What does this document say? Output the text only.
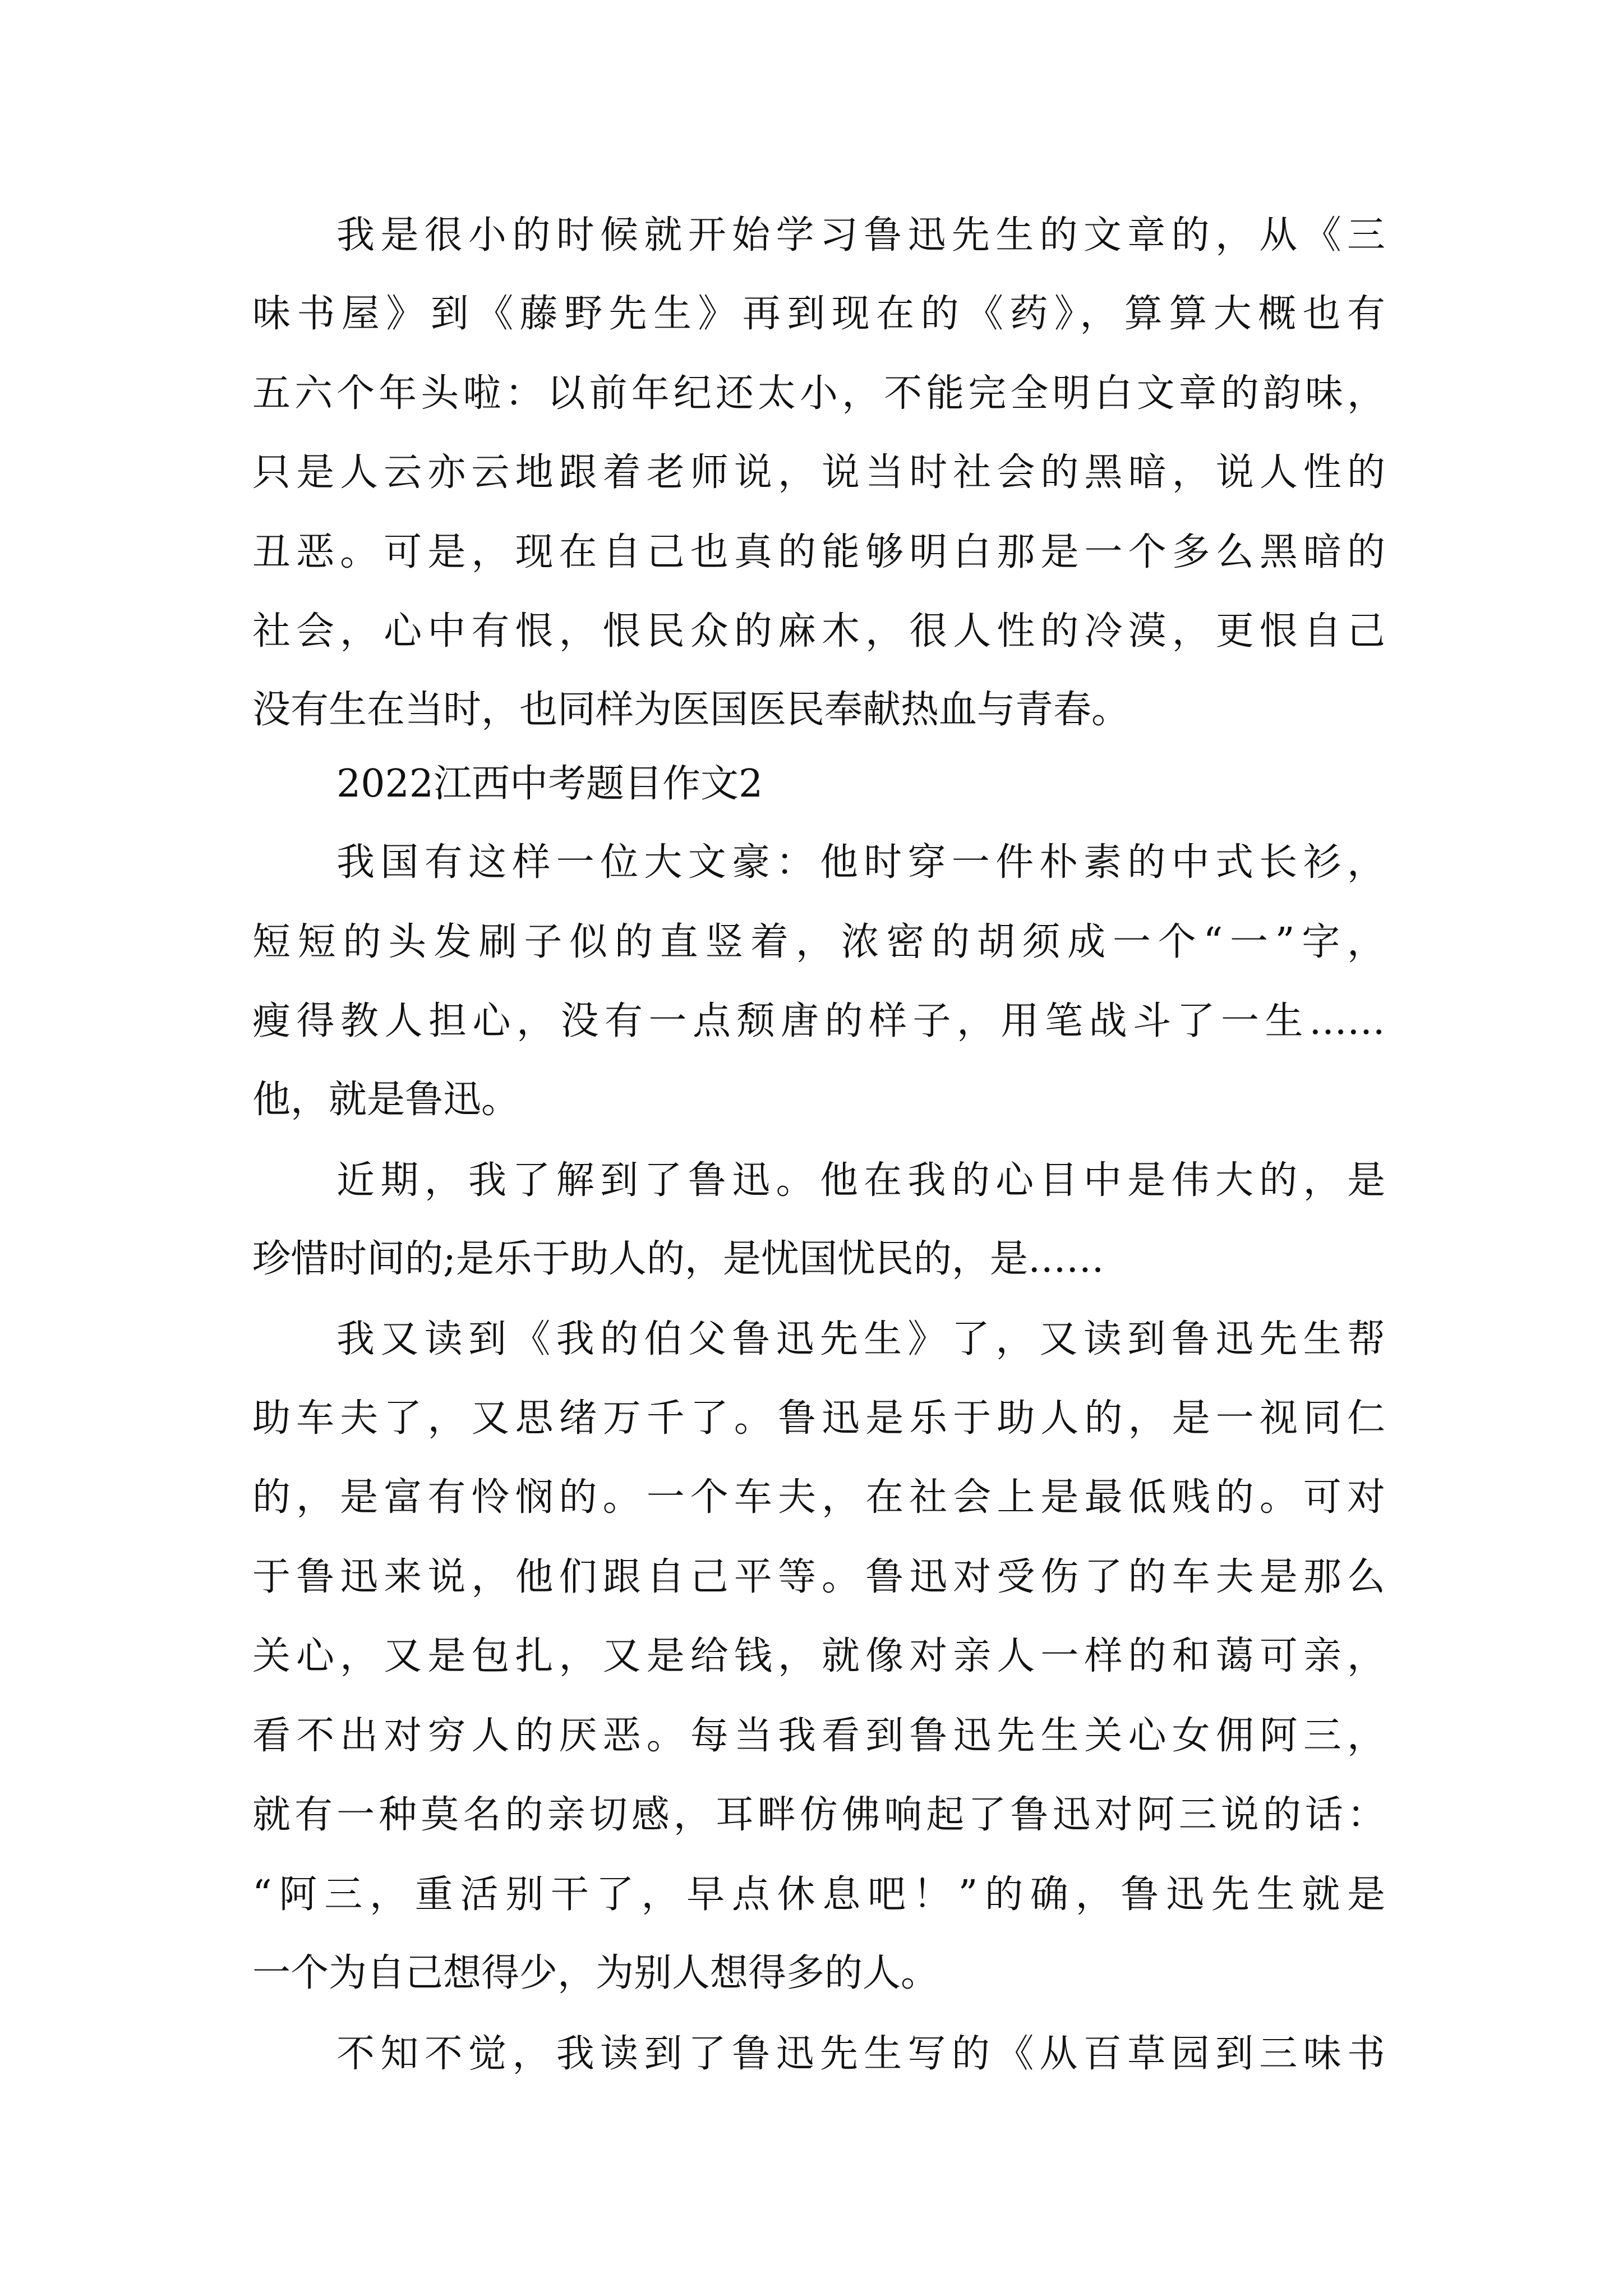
我是很小的时候就开始学习鲁迅先生的文章的，从《三
味书屋》到《藤野先生》再到现在的《药》，算算大概也有
五六个年头啦：以前年纪还太小，不能完全明白文章的韵味，
只是人云亦云地跟着老师说，说当时社会的黑暗，说人性的
丑恶。可是，现在自己也真的能够明白那是一个多么黑暗的
社会，心中有恨，恨民众的麻木，很人性的冷漠，更恨自己
没有生在当时，也同样为医国医民奉献热血与青春。
2022江西中考题目作文2
我国有这样一位大文豪：他时穿一件朴素的中式长衫，
短短的头发刷子似的直竖着，浓密的胡须成一个“一”字，
瘦得教人担心，没有一点颓唐的样子，用笔战斗了一生……
他，就是鲁迅。
近期，我了解到了鲁迅。他在我的心目中是伟大的，是
珍惜时间的;是乐于助人的，是忧国忧民的，是……
我又读到《我的伯父鲁迅先生》了，又读到鲁迅先生帮
助车夫了，又思绪万千了。鲁迅是乐于助人的，是一视同仁
的，是富有怜悯的。一个车夫，在社会上是最低贱的。可对
于鲁迅来说，他们跟自己平等。鲁迅对受伤了的车夫是那么
关心，又是包扎，又是给钱，就像对亲人一样的和蔼可亲，
看不出对穷人的厌恶。每当我看到鲁迅先生关心女佣阿三，
就有一种莫名的亲切感，耳畔仿佛响起了鲁迅对阿三说的话：
“阿三，重活别干了，早点休息吧！”的确，鲁迅先生就是
一个为自己想得少，为别人想得多的人。
不知不觉，我读到了鲁迅先生写的《从百草园到三味书
